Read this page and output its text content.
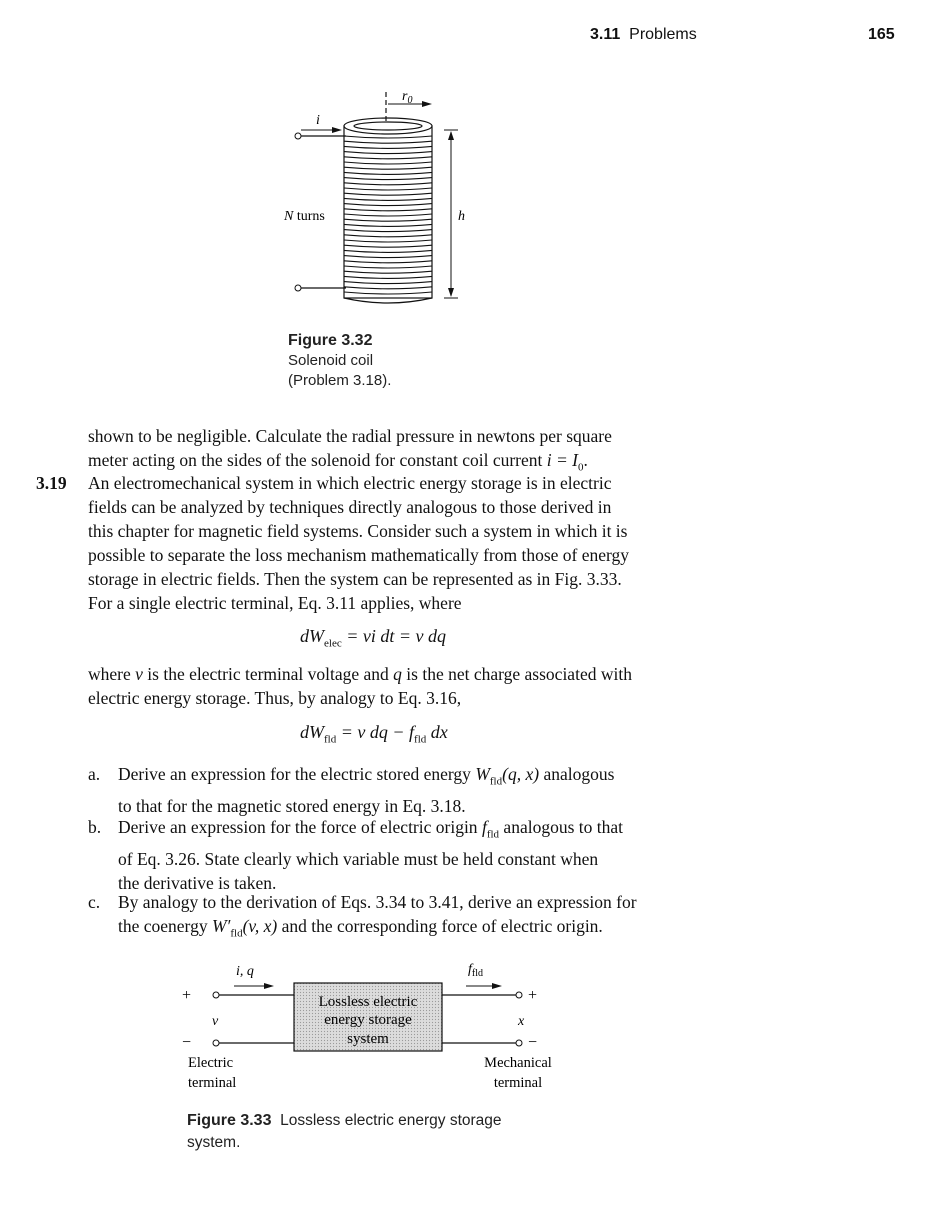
3.11 Problems	165
$r_0$
i
N turns	h
Figure 3.32
Solenoid coil
(Problem 3.18).
shown to be negligible. Calculate the radial pressure in newtons per square
meter acting on the sides of the solenoid for constant coil current $i = I_0$.
3.19 An electromechanical system in which electric energy storage is in electric
fields can be analyzed by techniques directly analogous to those derived in
this chapter for magnetic field systems. Consider such a system in which it is
possible to separate the loss mechanism mathematically from those of energy
storage in electric fields. Then the system can be represented as in Fig. 3.33.
For a single electric terminal, Eq. 3.11 applies, where
$dW_{elec}$ = vi dt = v dq
where v is the electric terminal voltage and q is the net charge associated with
electric energy storage. Thus, by analogy to Eq. 3.16,
$dW_{fld} = v$ dq − $f_{fld}$ dx
a. Derive an expression for the electric stored energy $W_{fld}(q$, x) analogous
to that for the magnetic stored energy in Eq. 3.18.
b. Derive an expression for the force of electric origin $f_{fld}$ analogous to that
of Eq. 3.26. State clearly which variable must be held constant when
the derivative is taken.
c. By analogy to the derivation of Eqs. 3.34 to 3.41, derive an expression for
the coenergy $W'_{fld}(v$, x) and the corresponding force of electric origin.
Lossless electric
energy storage
system
+
v
−
i, q
+
x
−
$f_{fld}$
Electric
terminal
Mechanical
terminal
Figure 3.33 Lossless electric energy storage system.
